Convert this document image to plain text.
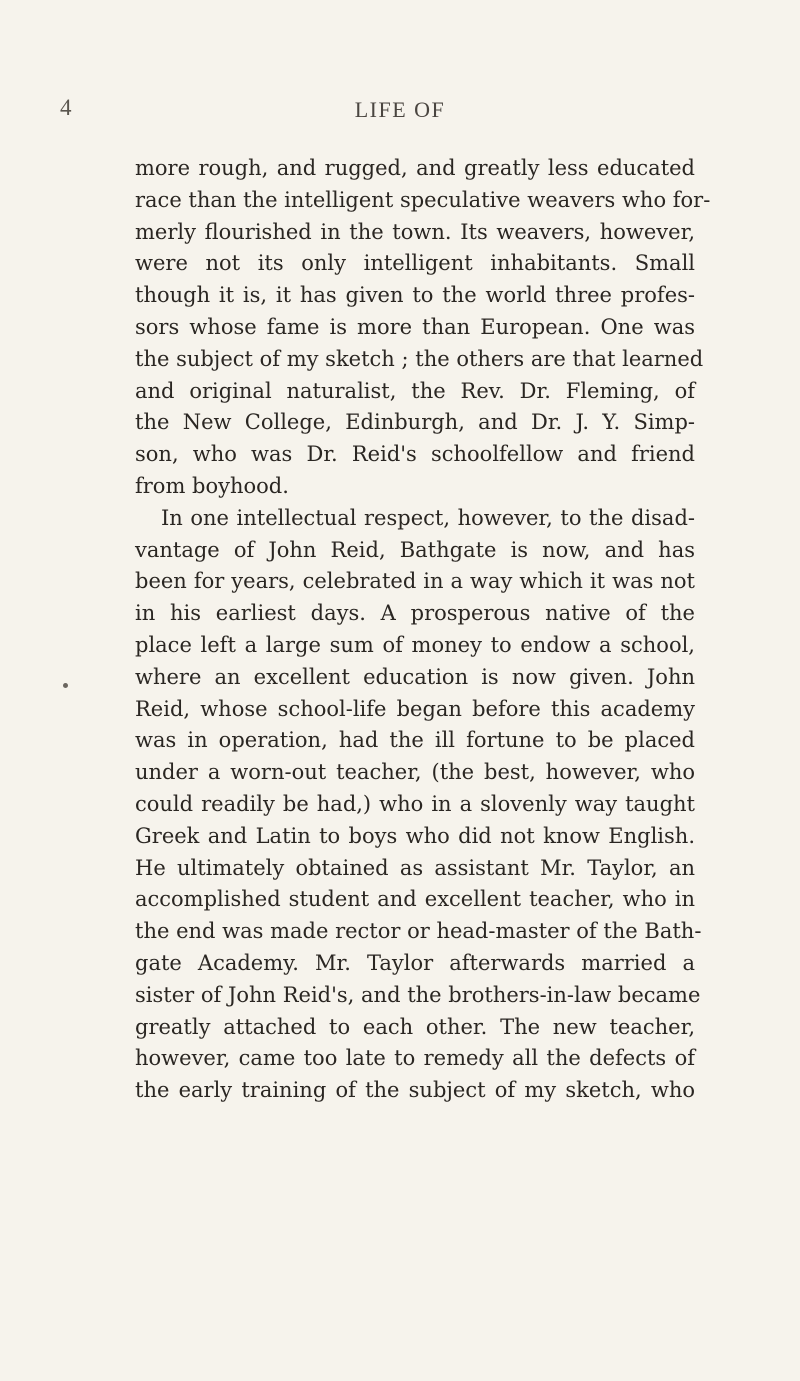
4	LIFE OF
more rough, and rugged, and greatly less educated
race than the intelligent speculative weavers who for-
merly flourished in the town. Its weavers, however,
were not its only intelligent inhabitants. Small
though it is, it has given to the world three profes-
sors whose fame is more than European. One was
the subject of my sketch ; the others are that learned
and original naturalist, the Rev. Dr. Fleming, of
the New College, Edinburgh, and Dr. J. Y. Simp-
son, who was Dr. Reid's schoolfellow and friend
from boyhood.
In one intellectual respect, however, to the disad-
vantage of John Reid, Bathgate is now, and has
been for years, celebrated in a way which it was not
in his earliest days. A prosperous native of the
place left a large sum of money to endow a school,
where an excellent education is now given. John
Reid, whose school-life began before this academy
was in operation, had the ill fortune to be placed
under a worn-out teacher, (the best, however, who
could readily be had,) who in a slovenly way taught
Greek and Latin to boys who did not know English.
He ultimately obtained as assistant Mr. Taylor, an
accomplished student and excellent teacher, who in
the end was made rector or head-master of the Bath-
gate Academy. Mr. Taylor afterwards married a
sister of John Reid's, and the brothers-in-law became
greatly attached to each other. The new teacher,
however, came too late to remedy all the defects of
the early training of the subject of my sketch, who
